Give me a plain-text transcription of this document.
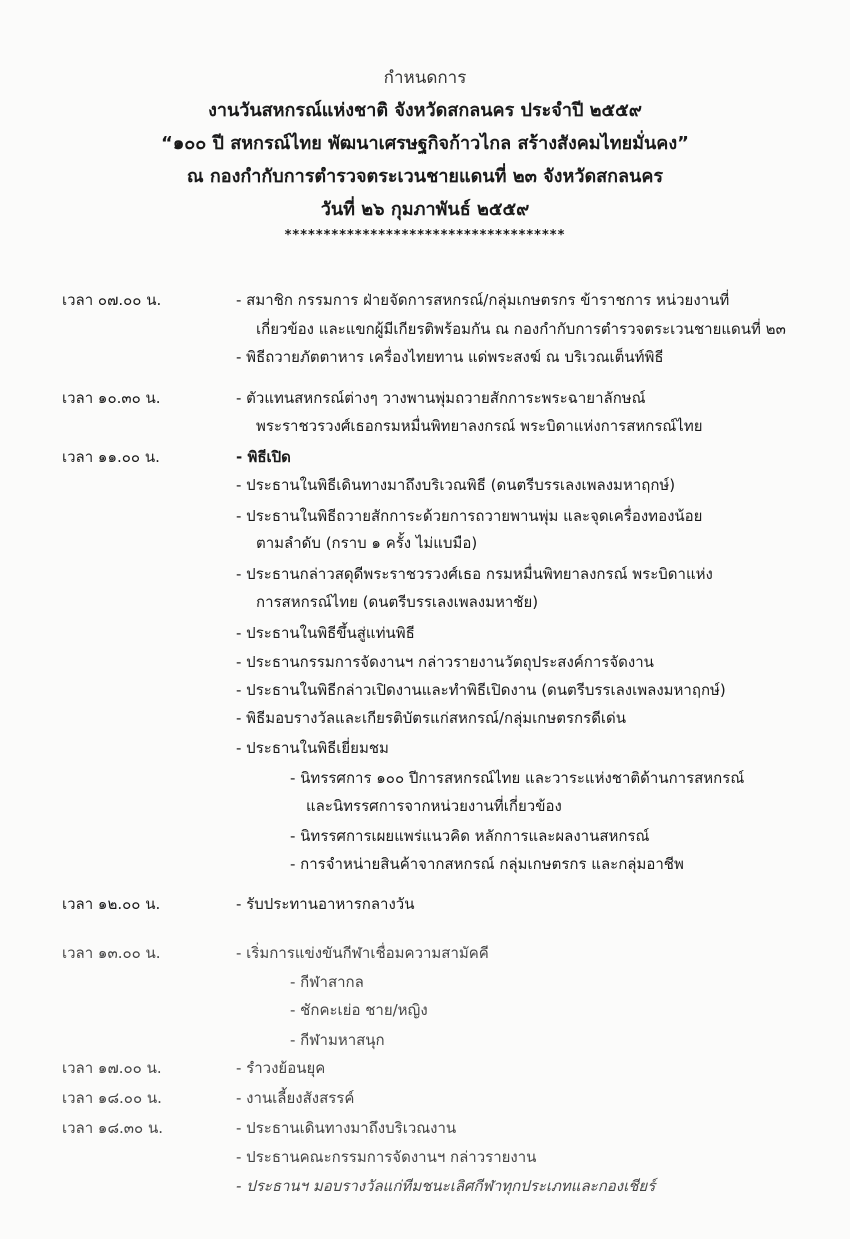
กำหนดการ
งานวันสหกรณ์แห่งชาติ จังหวัดสกลนคร ประจำปี ๒๕๕๙
“๑๐๐ ปี สหกรณ์ไทย พัฒนาเศรษฐกิจก้าวไกล สร้างสังคมไทยมั่นคง”
ณ กองกำกับการตำรวจตระเวนชายแดนที่ ๒๓ จังหวัดสกลนคร
วันที่ ๒๖ กุมภาพันธ์ ๒๕๕๙
************************************
เวลา ๐๗.๐๐ น.
เวลา ๑๐.๓๐ น.
เวลา ๑๑.๐๐ น.
เวลา ๑๒.๐๐ น.
เวลา ๑๓.๐๐ น.
เวลา ๑๗.๐๐ น.
เวลา ๑๘.๐๐ น.
เวลา ๑๘.๓๐ น.
- สมาชิก กรรมการ ฝ่ายจัดการสหกรณ์/กลุ่มเกษตรกร ข้าราชการ หน่วยงานที่
เกี่ยวข้อง และแขกผู้มีเกียรติพร้อมกัน ณ กองกำกับการตำรวจตระเวนชายแดนที่ ๒๓
- พิธีถวายภัตตาหาร เครื่องไทยทาน แด่พระสงฆ์ ณ บริเวณเต็นท์พิธี
- ตัวแทนสหกรณ์ต่างๆ วางพานพุ่มถวายสักการะพระฉายาลักษณ์
พระราชวรวงศ์เธอกรมหมื่นพิทยาลงกรณ์ พระบิดาแห่งการสหกรณ์ไทย
- พิธีเปิด
- ประธานในพิธีเดินทางมาถึงบริเวณพิธี (ดนตรีบรรเลงเพลงมหาฤกษ์)
- ประธานในพิธีถวายสักการะด้วยการถวายพานพุ่ม และจุดเครื่องทองน้อย
ตามลำดับ (กราบ ๑ ครั้ง ไม่แบมือ)
- ประธานกล่าวสดุดีพระราชวรวงศ์เธอ กรมหมื่นพิทยาลงกรณ์ พระบิดาแห่ง
การสหกรณ์ไทย (ดนตรีบรรเลงเพลงมหาชัย)
- ประธานในพิธีขึ้นสู่แท่นพิธี
- ประธานกรรมการจัดงานฯ กล่าวรายงานวัตถุประสงค์การจัดงาน
- ประธานในพิธีกล่าวเปิดงานและทำพิธีเปิดงาน (ดนตรีบรรเลงเพลงมหาฤกษ์)
- พิธีมอบรางวัลและเกียรติบัตรแก่สหกรณ์/กลุ่มเกษตรกรดีเด่น
- ประธานในพิธีเยี่ยมชม
- นิทรรศการ ๑๐๐ ปีการสหกรณ์ไทย และวาระแห่งชาติด้านการสหกรณ์
และนิทรรศการจากหน่วยงานที่เกี่ยวข้อง
- นิทรรศการเผยแพร่แนวคิด หลักการและผลงานสหกรณ์
- การจำหน่ายสินค้าจากสหกรณ์ กลุ่มเกษตรกร และกลุ่มอาชีพ
- รับประทานอาหารกลางวัน
- เริ่มการแข่งขันกีฬาเชื่อมความสามัคคี
- กีฬาสากล
- ชักคะเย่อ ชาย/หญิง
- กีฬามหาสนุก
- รำวงย้อนยุค
- งานเลี้ยงสังสรรค์
- ประธานเดินทางมาถึงบริเวณงาน
- ประธานคณะกรรมการจัดงานฯ กล่าวรายงาน
- ประธานฯ มอบรางวัลแก่ทีมชนะเลิศกีฬาทุกประเภทและกองเชียร์
